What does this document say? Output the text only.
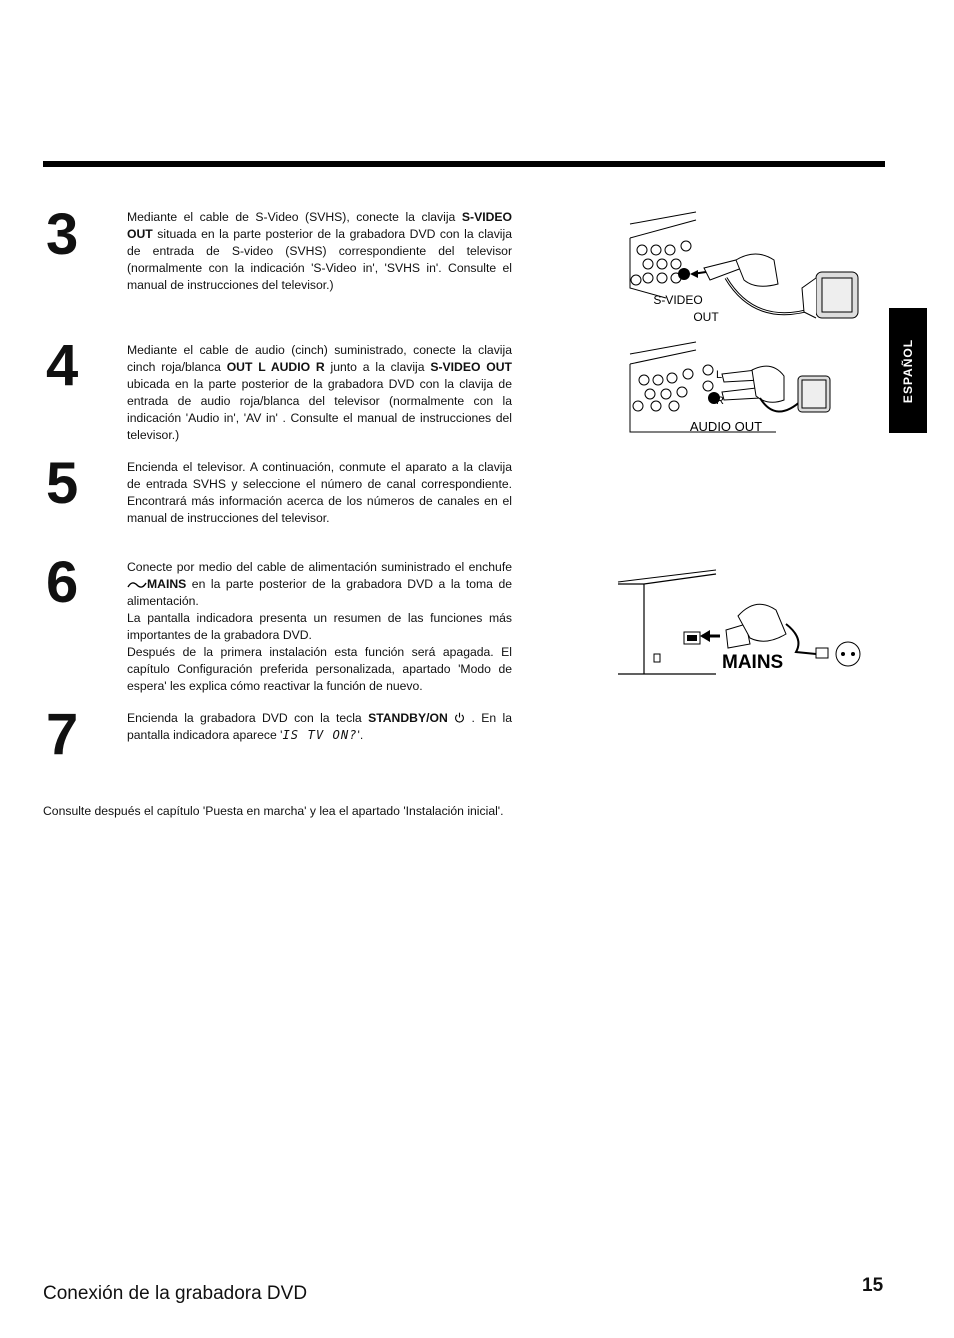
ESPAÑOL
3	Mediante el cable de S-Video (SVHS), conecte la clavija S-VIDEO OUT situada en la parte posterior de la grabadora DVD con la clavija de entrada de S-video (SVHS) correspondiente del televisor (normalmente con la indicación 'S-Video in', 'SVHS in'. Consulte el manual de instrucciones del televisor.)
4	Mediante el cable de audio (cinch) suministrado, conecte la clavija cinch roja/blanca OUT L AUDIO R junto a la clavija S-VIDEO OUT ubicada en la parte posterior de la grabadora DVD con la clavija de entrada de audio roja/blanca del televisor (normalmente con la indicación 'Audio in', 'AV in' . Consulte el manual de instrucciones del televisor.)
5	Encienda el televisor. A continuación, conmute el aparato a la clavija de entrada SVHS y seleccione el número de canal correspondiente. Encontrará más información acerca de los números de canales en el manual de instrucciones del televisor.
6	Conecte por medio del cable de alimentación suministrado el enchufe MAINS en la parte posterior de la grabadora DVD a la toma de alimentación.
La pantalla indicadora presenta un resumen de las funciones más importantes de la grabadora DVD.
Después de la primera instalación esta función será apagada. El capítulo Configuración preferida personalizada, apartado 'Modo de espera' les explica cómo reactivar la función de nuevo.
7	Encienda la grabadora DVD con la tecla STANDBY/ON  . En la pantalla indicadora aparece 'IS TV ON?'.
S-VIDEO
OUT
L
R
AUDIO OUT
MAINS
Consulte después el capítulo 'Puesta en marcha' y lea el apartado 'Instalación inicial'.
Conexión de la grabadora DVD	15
